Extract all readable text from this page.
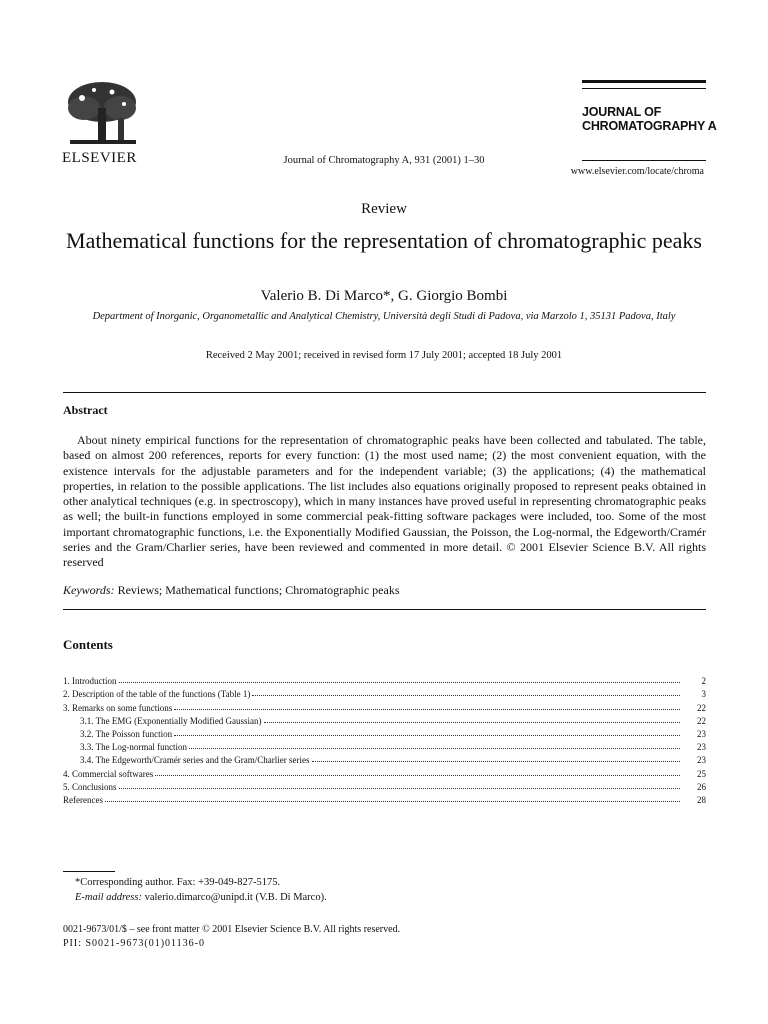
ELSEVIER	Journal of Chromatography A, 931 (2001) 1–30
JOURNAL OF
CHROMATOGRAPHY A
www.elsevier.com/locate/chroma
Review
Mathematical functions for the representation of chromatographic peaks
Valerio B. Di Marco*, G. Giorgio Bombi
Department of Inorganic, Organometallic and Analytical Chemistry, Università degli Studi di Padova, via Marzolo 1, 35131 Padova, Italy
Received 2 May 2001; received in revised form 17 July 2001; accepted 18 July 2001
Abstract
About ninety empirical functions for the representation of chromatographic peaks have been collected and tabulated. The table, based on almost 200 references, reports for every function: (1) the most used name; (2) the most convenient equation, with the existence intervals for the adjustable parameters and for the independent variable; (3) the applications; (4) the mathematical properties, in relation to the possible applications. The list includes also equations originally proposed to represent peaks obtained in other analytical techniques (e.g. in spectroscopy), which in many instances have proved useful in representing chromatographic peaks as well; the built-in functions employed in some commercial peak-fitting software packages were included, too. Some of the most important chromatographic functions, i.e. the Exponentially Modified Gaussian, the Poisson, the Log-normal, the Edgeworth/Cramér series and the Gram/Charlier series, have been reviewed and commented in more detail. © 2001 Elsevier Science B.V. All rights reserved
Keywords: Reviews; Mathematical functions; Chromatographic peaks
Contents
1. Introduction	2
2. Description of the table of the functions (Table 1)	3
3. Remarks on some functions	22
3.1. The EMG (Exponentially Modified Gaussian)	22
3.2. The Poisson function	23
3.3. The Log-normal function	23
3.4. The Edgeworth/Cramér series and the Gram/Charlier series	23
4. Commercial softwares	25
5. Conclusions	26
References	28
*Corresponding author. Fax: +39-049-827-5175.
E-mail address: valerio.dimarco@unipd.it (V.B. Di Marco).
0021-9673/01/$ – see front matter © 2001 Elsevier Science B.V. All rights reserved.
PII: S0021-9673(01)01136-0
